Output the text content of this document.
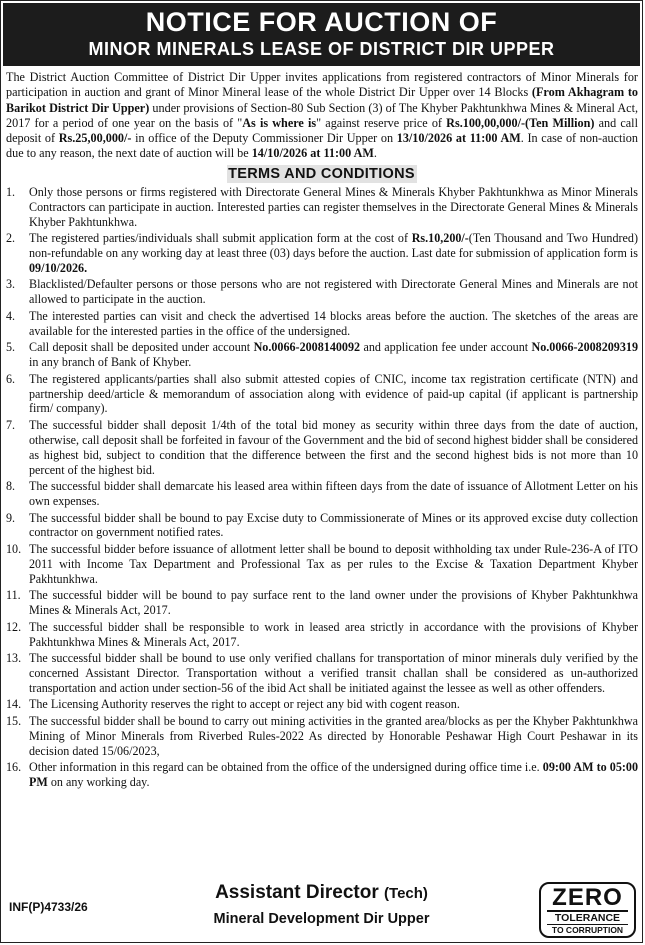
NOTICE FOR AUCTION OF
MINOR MINERALS LEASE OF DISTRICT DIR UPPER
The District Auction Committee of District Dir Upper invites applications from registered contractors of Minor Minerals for participation in auction and grant of Minor Mineral lease of the whole District Dir Upper over 14 Blocks (From Akhagram to Barikot District Dir Upper) under provisions of Section-80 Sub Section (3) of The Khyber Pakhtunkhwa Mines & Mineral Act, 2017 for a period of one year on the basis of "As is where is" against reserve price of Rs.100,00,000/-(Ten Million) and call deposit of Rs.25,00,000/- in office of the Deputy Commissioner Dir Upper on 13/10/2026 at 11:00 AM. In case of non-auction due to any reason, the next date of auction will be 14/10/2026 at 11:00 AM.
TERMS AND CONDITIONS
1.	Only those persons or firms registered with Directorate General Mines & Minerals Khyber Pakhtunkhwa as Minor Minerals Contractors can participate in auction. Interested parties can register themselves in the Directorate General Mines & Minerals Khyber Pakhtunkhwa.
2.	The registered parties/individuals shall submit application form at the cost of Rs.10,200/-(Ten Thousand and Two Hundred) non-refundable on any working day at least three (03) days before the auction. Last date for submission of application form is 09/10/2026.
3.	Blacklisted/Defaulter persons or those persons who are not registered with Directorate General Mines and Minerals are not allowed to participate in the auction.
4.	The interested parties can visit and check the advertised 14 blocks areas before the auction. The sketches of the areas are available for the interested parties in the office of the undersigned.
5.	Call deposit shall be deposited under account No.0066-2008140092 and application fee under account No.0066-2008209319 in any branch of Bank of Khyber.
6.	The registered applicants/parties shall also submit attested copies of CNIC, income tax registration certificate (NTN) and partnership deed/article & memorandum of association along with evidence of paid-up capital (if applicant is partnership firm/ company).
7.	The successful bidder shall deposit 1/4th of the total bid money as security within three days from the date of auction, otherwise, call deposit shall be forfeited in favour of the Government and the bid of second highest bidder shall be considered as highest bid, subject to condition that the difference between the first and the second highest bids is not more than 10 percent of the highest bid.
8.	The successful bidder shall demarcate his leased area within fifteen days from the date of issuance of Allotment Letter on his own expenses.
9.	The successful bidder shall be bound to pay Excise duty to Commissionerate of Mines or its approved excise duty collection contractor on government notified rates.
10. The successful bidder before issuance of allotment letter shall be bound to deposit withholding tax under Rule-236-A of ITO 2011 with Income Tax Department and Professional Tax as per rules to the Excise & Taxation Department Khyber Pakhtunkhwa.
11. The successful bidder will be bound to pay surface rent to the land owner under the provisions of Khyber Pakhtunkhwa Mines & Minerals Act, 2017.
12. The successful bidder shall be responsible to work in leased area strictly in accordance with the provisions of Khyber Pakhtunkhwa Mines & Minerals Act, 2017.
13. The successful bidder shall be bound to use only verified challans for transportation of minor minerals duly verified by the concerned Assistant Director. Transportation without a verified transit challan shall be considered as un-authorized transportation and action under section-56 of the ibid Act shall be initiated against the lessee as well as other offenders.
14. The Licensing Authority reserves the right to accept or reject any bid with cogent reason.
15. The successful bidder shall be bound to carry out mining activities in the granted area/blocks as per the Khyber Pakhtunkhwa Mining of Minor Minerals from Riverbed Rules-2022 As directed by Honorable Peshawar High Court Peshawar in its decision dated 15/06/2023,
16. Other information in this regard can be obtained from the office of the undersigned during office time i.e. 09:00 AM to 05:00 PM on any working day.
INF(P)4733/26
Assistant Director (Tech)
Mineral Development Dir Upper
ZERO
TOLERANCE
TO CORRUPTION
